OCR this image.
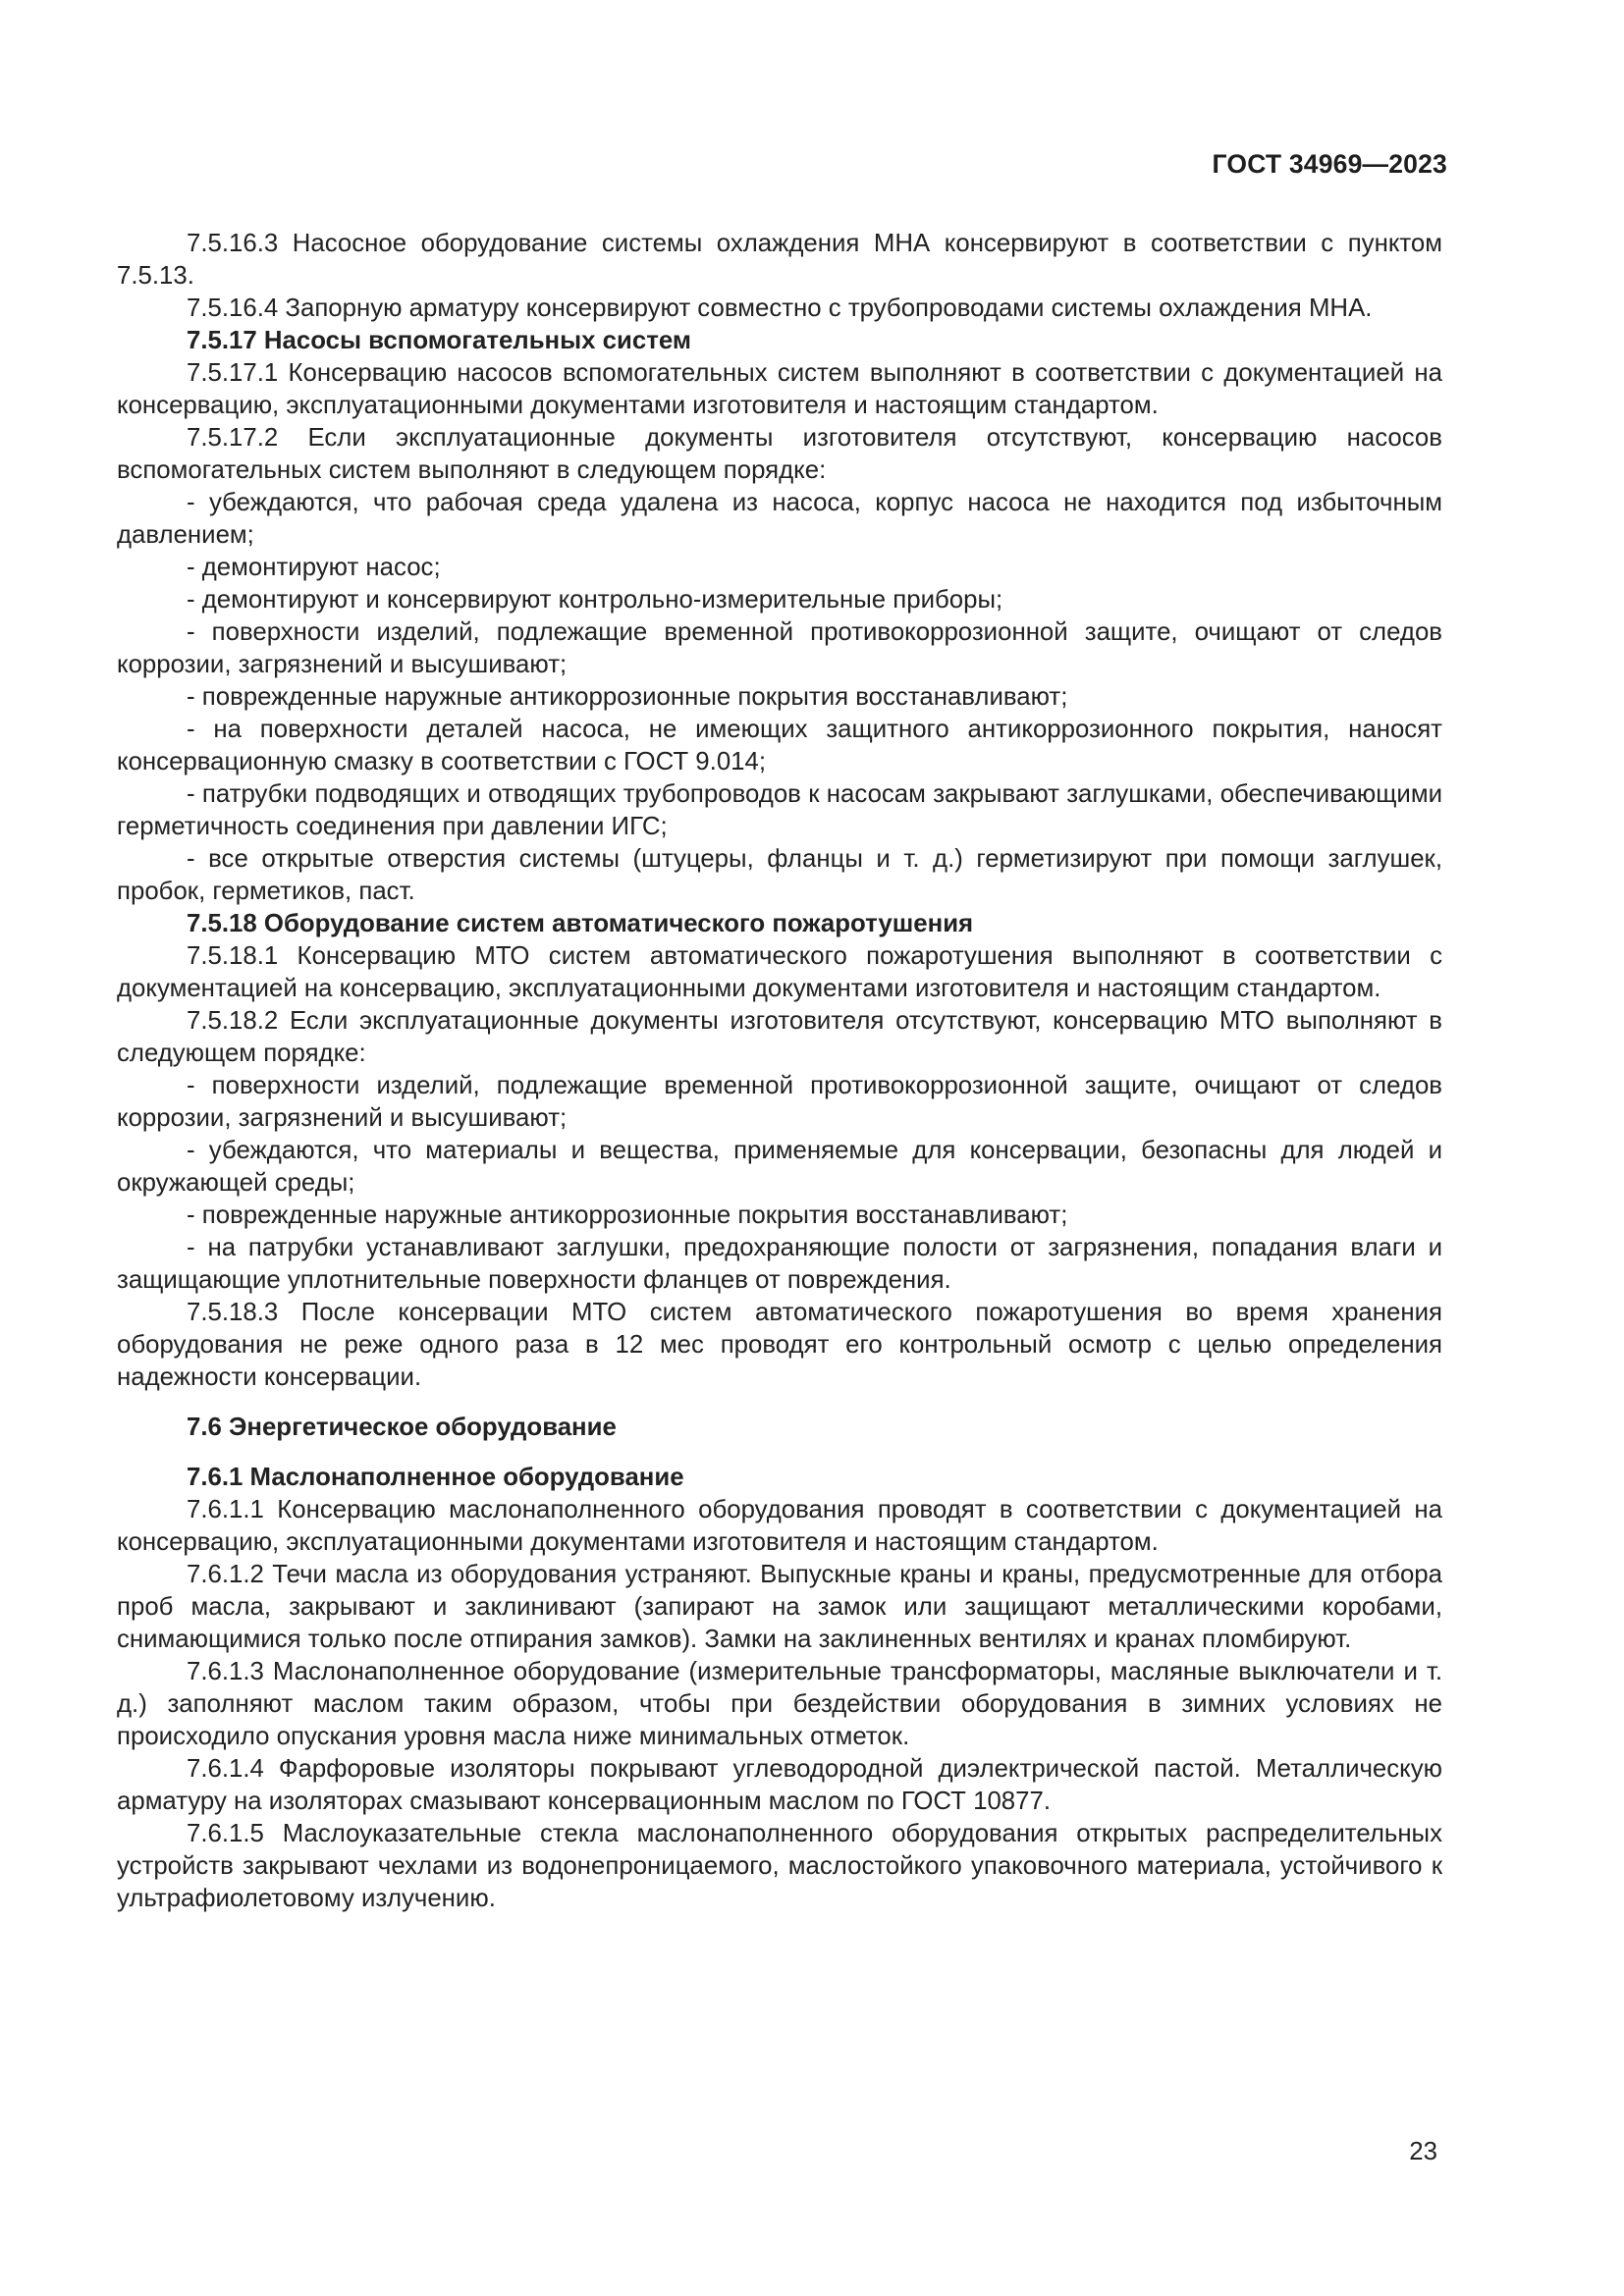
ГОСТ 34969—2023

7.5.16.3 Насосное оборудование системы охлаждения МНА консервируют в соответствии с пунктом 7.5.13.

7.5.16.4 Запорную арматуру консервируют совместно с трубопроводами системы охлаждения МНА.

7.5.17 Насосы вспомогательных систем

7.5.17.1 Консервацию насосов вспомогательных систем выполняют в соответствии с документацией на консервацию, эксплуатационными документами изготовителя и настоящим стандартом.

7.5.17.2 Если эксплуатационные документы изготовителя отсутствуют, консервацию насосов вспомогательных систем выполняют в следующем порядке:

- убеждаются, что рабочая среда удалена из насоса, корпус насоса не находится под избыточным давлением;

- демонтируют насос;

- демонтируют и консервируют контрольно-измерительные приборы;

- поверхности изделий, подлежащие временной противокоррозионной защите, очищают от следов коррозии, загрязнений и высушивают;

- поврежденные наружные антикоррозионные покрытия восстанавливают;

- на поверхности деталей насоса, не имеющих защитного антикоррозионного покрытия, наносят консервационную смазку в соответствии с ГОСТ 9.014;

- патрубки подводящих и отводящих трубопроводов к насосам закрывают заглушками, обеспечивающими герметичность соединения при давлении ИГС;

- все открытые отверстия системы (штуцеры, фланцы и т. д.) герметизируют при помощи заглушек, пробок, герметиков, паст.

7.5.18 Оборудование систем автоматического пожаротушения

7.5.18.1 Консервацию МТО систем автоматического пожаротушения выполняют в соответствии с документацией на консервацию, эксплуатационными документами изготовителя и настоящим стандартом.

7.5.18.2 Если эксплуатационные документы изготовителя отсутствуют, консервацию МТО выполняют в следующем порядке:

- поверхности изделий, подлежащие временной противокоррозионной защите, очищают от следов коррозии, загрязнений и высушивают;

- убеждаются, что материалы и вещества, применяемые для консервации, безопасны для людей и окружающей среды;

- поврежденные наружные антикоррозионные покрытия восстанавливают;

- на патрубки устанавливают заглушки, предохраняющие полости от загрязнения, попадания влаги и защищающие уплотнительные поверхности фланцев от повреждения.

7.5.18.3 После консервации МТО систем автоматического пожаротушения во время хранения оборудования не реже одного раза в 12 мес проводят его контрольный осмотр с целью определения надежности консервации.

7.6 Энергетическое оборудование

7.6.1 Маслонаполненное оборудование

7.6.1.1 Консервацию маслонаполненного оборудования проводят в соответствии с документацией на консервацию, эксплуатационными документами изготовителя и настоящим стандартом.

7.6.1.2 Течи масла из оборудования устраняют. Выпускные краны и краны, предусмотренные для отбора проб масла, закрывают и заклинивают (запирают на замок или защищают металлическими коробами, снимающимися только после отпирания замков). Замки на заклиненных вентилях и кранах пломбируют.

7.6.1.3 Маслонаполненное оборудование (измерительные трансформаторы, масляные выключатели и т. д.) заполняют маслом таким образом, чтобы при бездействии оборудования в зимних условиях не происходило опускания уровня масла ниже минимальных отметок.

7.6.1.4 Фарфоровые изоляторы покрывают углеводородной диэлектрической пастой. Металлическую арматуру на изоляторах смазывают консервационным маслом по ГОСТ 10877.

7.6.1.5 Маслоуказательные стекла маслонаполненного оборудования открытых распределительных устройств закрывают чехлами из водонепроницаемого, маслостойкого упаковочного материала, устойчивого к ультрафиолетовому излучению.

23
